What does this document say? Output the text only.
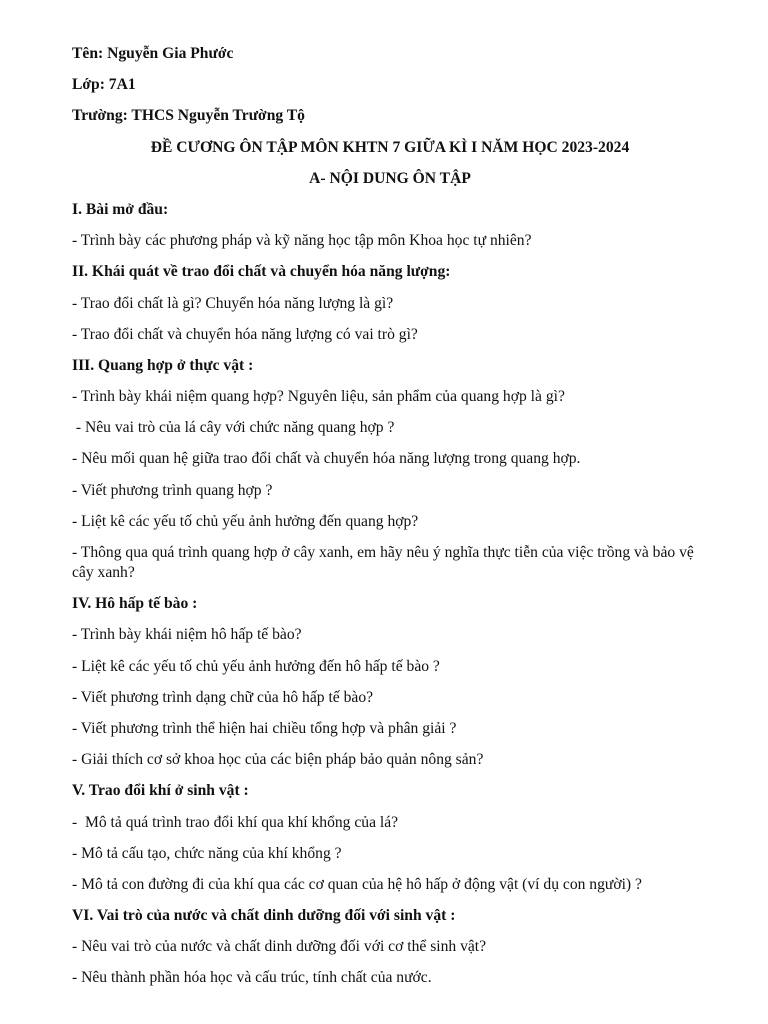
Tên: Nguyễn Gia Phước
Lớp: 7A1
Trường: THCS Nguyễn Trường Tộ
ĐỀ CƯƠNG ÔN TẬP MÔN KHTN 7 GIỮA KÌ I NĂM HỌC 2023-2024
A- NỘI DUNG ÔN TẬP
I. Bài mở đầu:
- Trình bày các phương pháp và kỹ năng học tập môn Khoa học tự nhiên?
II. Khái quát về trao đổi chất và chuyển hóa năng lượng:
- Trao đổi chất là gì? Chuyển hóa năng lượng là gì?
- Trao đổi chất và chuyển hóa năng lượng có vai trò gì?
III. Quang hợp ở thực vật :
- Trình bày khái niệm quang hợp? Nguyên liệu, sản phẩm của quang hợp là gì?
- Nêu vai trò của lá cây với chức năng quang hợp ?
- Nêu mối quan hệ giữa trao đổi chất và chuyển hóa năng lượng trong quang hợp.
- Viết phương trình quang hợp ?
- Liệt kê các yếu tố chủ yếu ảnh hưởng đến quang hợp?
- Thông qua quá trình quang hợp ở cây xanh, em hãy nêu ý nghĩa thực tiễn của việc trồng và bảo vệ cây xanh?
IV. Hô hấp tế bào :
- Trình bày khái niệm hô hấp tế bào?
- Liệt kê các yếu tố chủ yếu ảnh hưởng đến hô hấp tế bào ?
- Viết phương trình dạng chữ của hô hấp tế bào?
- Viết phương trình thể hiện hai chiều tổng hợp và phân giải ?
- Giải thích cơ sở khoa học của các biện pháp bảo quản nông sản?
V. Trao đổi khí ở sinh vật :
-  Mô tả quá trình trao đổi khí qua khí khổng của lá?
- Mô tả cấu tạo, chức năng của khí khổng ?
- Mô tả con đường đi của khí qua các cơ quan của hệ hô hấp ở động vật (ví dụ con người) ?
VI. Vai trò của nước và chất dinh dưỡng đối với sinh vật :
- Nêu vai trò của nước và chất dinh dưỡng đối với cơ thể sinh vật?
- Nêu thành phần hóa học và cấu trúc, tính chất của nước.
